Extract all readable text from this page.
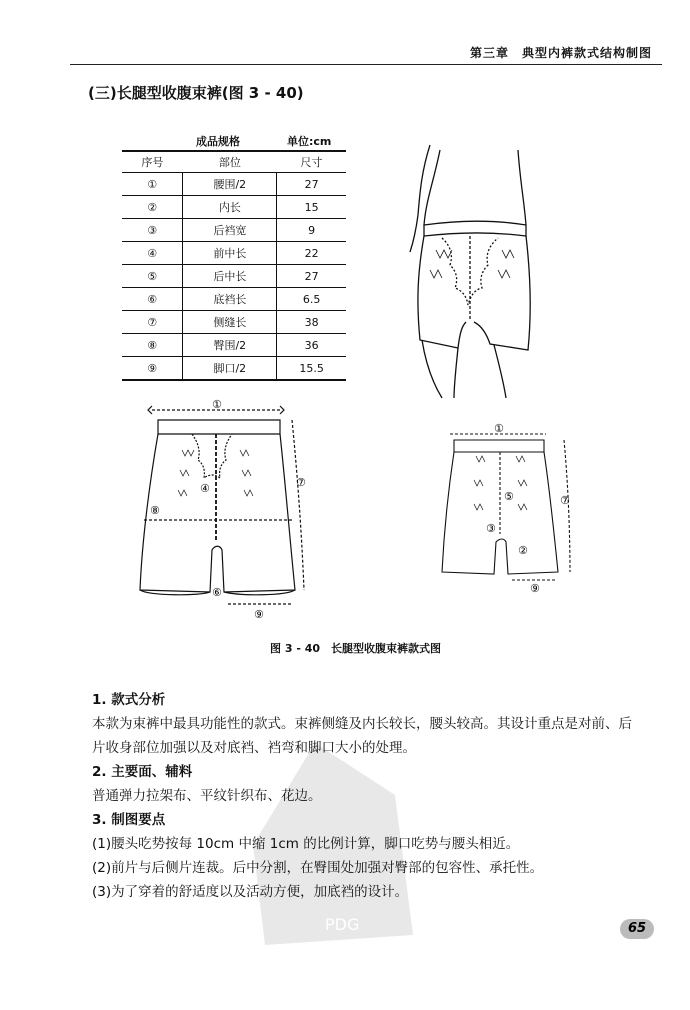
第三章　典型内裤款式结构制图
(三)长腿型收腹束裤(图 3 - 40)
成品规格	单位:cm
序号	部位	尺寸
①	腰围/2	27
②	内长	15
③	后裆宽	9
④	前中长	22
⑤	后中长	27
⑥	底裆长	6.5
⑦	侧缝长	38
⑧	臀围/2	36
⑨	脚口/2	15.5
①
④	⑦
⑧
⑥
⑨
①
⑤	⑦
③
②
⑨
图 3 - 40　长腿型收腹束裤款式图
PDG
1. 款式分析
本款为束裤中最具功能性的款式。束裤侧缝及内长较长，腰头较高。其设计重点是对前、后
片收身部位加强以及对底裆、裆弯和脚口大小的处理。
2. 主要面、辅料
普通弹力拉架布、平纹针织布、花边。
3. 制图要点
(1)腰头吃势按每 10cm 中缩 1cm 的比例计算，脚口吃势与腰头相近。
(2)前片与后侧片连裁。后中分割，在臀围处加强对臀部的包容性、承托性。
(3)为了穿着的舒适度以及活动方便，加底裆的设计。
65
